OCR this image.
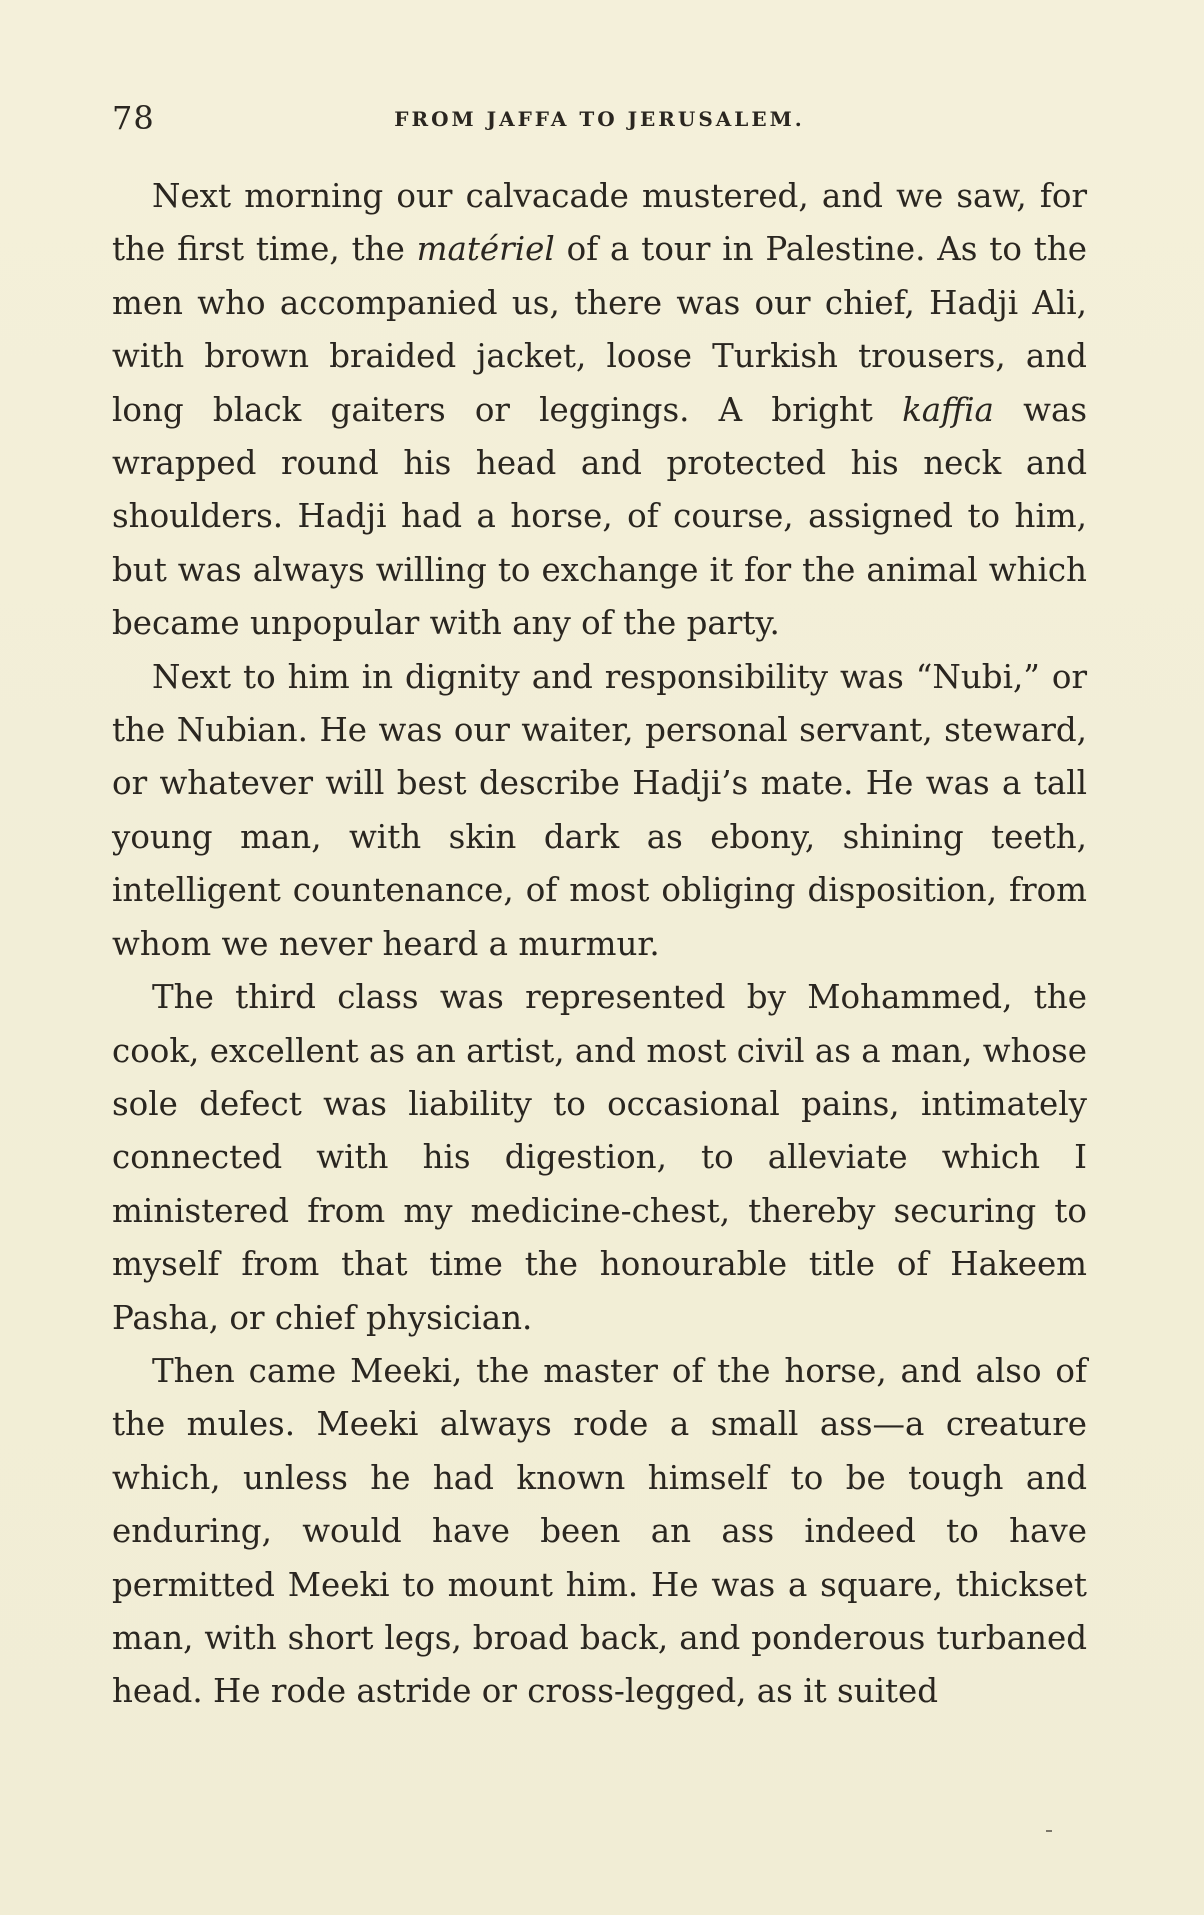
78	FROM JAFFA TO JERUSALEM.

Next morning our calvacade mustered, and we saw, for the first time, the matériel of a tour in Palestine. As to the men who accompanied us, there was our chief, Hadji Ali, with brown braided jacket, loose Turkish trousers, and long black gaiters or leggings. A bright kaffia was wrapped round his head and protected his neck and shoulders. Hadji had a horse, of course, assigned to him, but was always willing to exchange it for the animal which became unpopular with any of the party.

Next to him in dignity and responsibility was “Nubi,” or the Nubian. He was our waiter, personal servant, steward, or whatever will best describe Hadji’s mate. He was a tall young man, with skin dark as ebony, shining teeth, intelligent countenance, of most obliging disposition, from whom we never heard a murmur.

The third class was represented by Mohammed, the cook, excellent as an artist, and most civil as a man, whose sole defect was liability to occasional pains, intimately connected with his digestion, to alleviate which I ministered from my medicine-chest, thereby securing to myself from that time the honourable title of Hakeem Pasha, or chief physician.

Then came Meeki, the master of the horse, and also of the mules. Meeki always rode a small ass—a creature which, unless he had known himself to be tough and enduring, would have been an ass indeed to have permitted Meeki to mount him. He was a square, thickset man, with short legs, broad back, and ponderous turbaned head. He rode astride or cross-legged, as it suited
